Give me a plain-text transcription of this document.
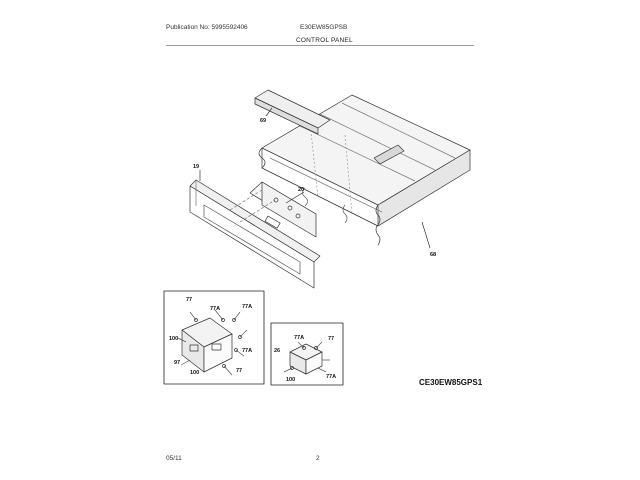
Publication No: 5995592406	E30EW85GPSB
CONTROL PANEL
69
19
20
68
77
77A	77A
100
97
77A
100	77
77A
26
77
100	77A
CE30EW85GPS1
05/11	2
